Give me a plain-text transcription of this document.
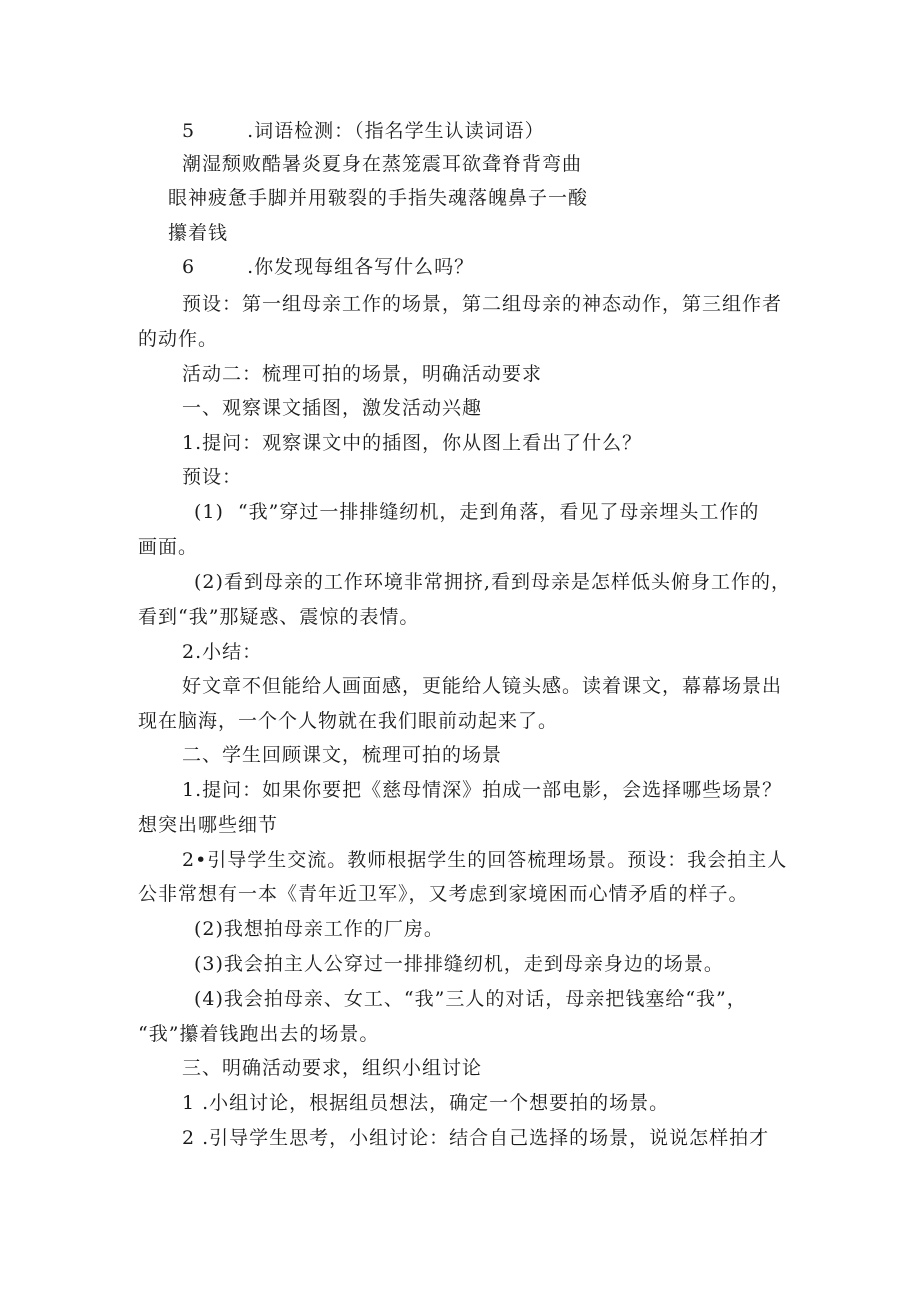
5	.词语检测：（指名学生认读词语）
潮湿颓败酷暑炎夏身在蒸笼震耳欲聋脊背弯曲
眼神疲惫手脚并用皲裂的手指失魂落魄鼻子一酸
攥着钱
6	.你发现每组各写什么吗？
预设：第一组母亲工作的场景，第二组母亲的神态动作，第三组作者
的动作。
活动二：梳理可拍的场景，明确活动要求
一、观察课文插图，激发活动兴趣
1.提问：观察课文中的插图，你从图上看出了什么？
预设：
(1) “我”穿过一排排缝纫机，走到角落，看见了母亲埋头工作的
画面。
(2)看到母亲的工作环境非常拥挤,看到母亲是怎样低头俯身工作的，
看到“我”那疑惑、震惊的表情。
2.小结：
好文章不但能给人画面感，更能给人镜头感。读着课文，幕幕场景出
现在脑海，一个个人物就在我们眼前动起来了。
二、学生回顾课文，梳理可拍的场景
1.提问：如果你要把《慈母情深》拍成一部电影，会选择哪些场景？
想突出哪些细节
2•引导学生交流。教师根据学生的回答梳理场景。预设：我会拍主人
公非常想有一本《青年近卫军》，又考虑到家境困而心情矛盾的样子。
(2)我想拍母亲工作的厂房。
(3)我会拍主人公穿过一排排缝纫机，走到母亲身边的场景。
(4)我会拍母亲、女工、“我”三人的对话，母亲把钱塞给“我”，
“我”攥着钱跑出去的场景。
三、明确活动要求，组织小组讨论
1 .小组讨论，根据组员想法，确定一个想要拍的场景。
2 .引导学生思考，小组讨论：结合自己选择的场景，说说怎样拍才
